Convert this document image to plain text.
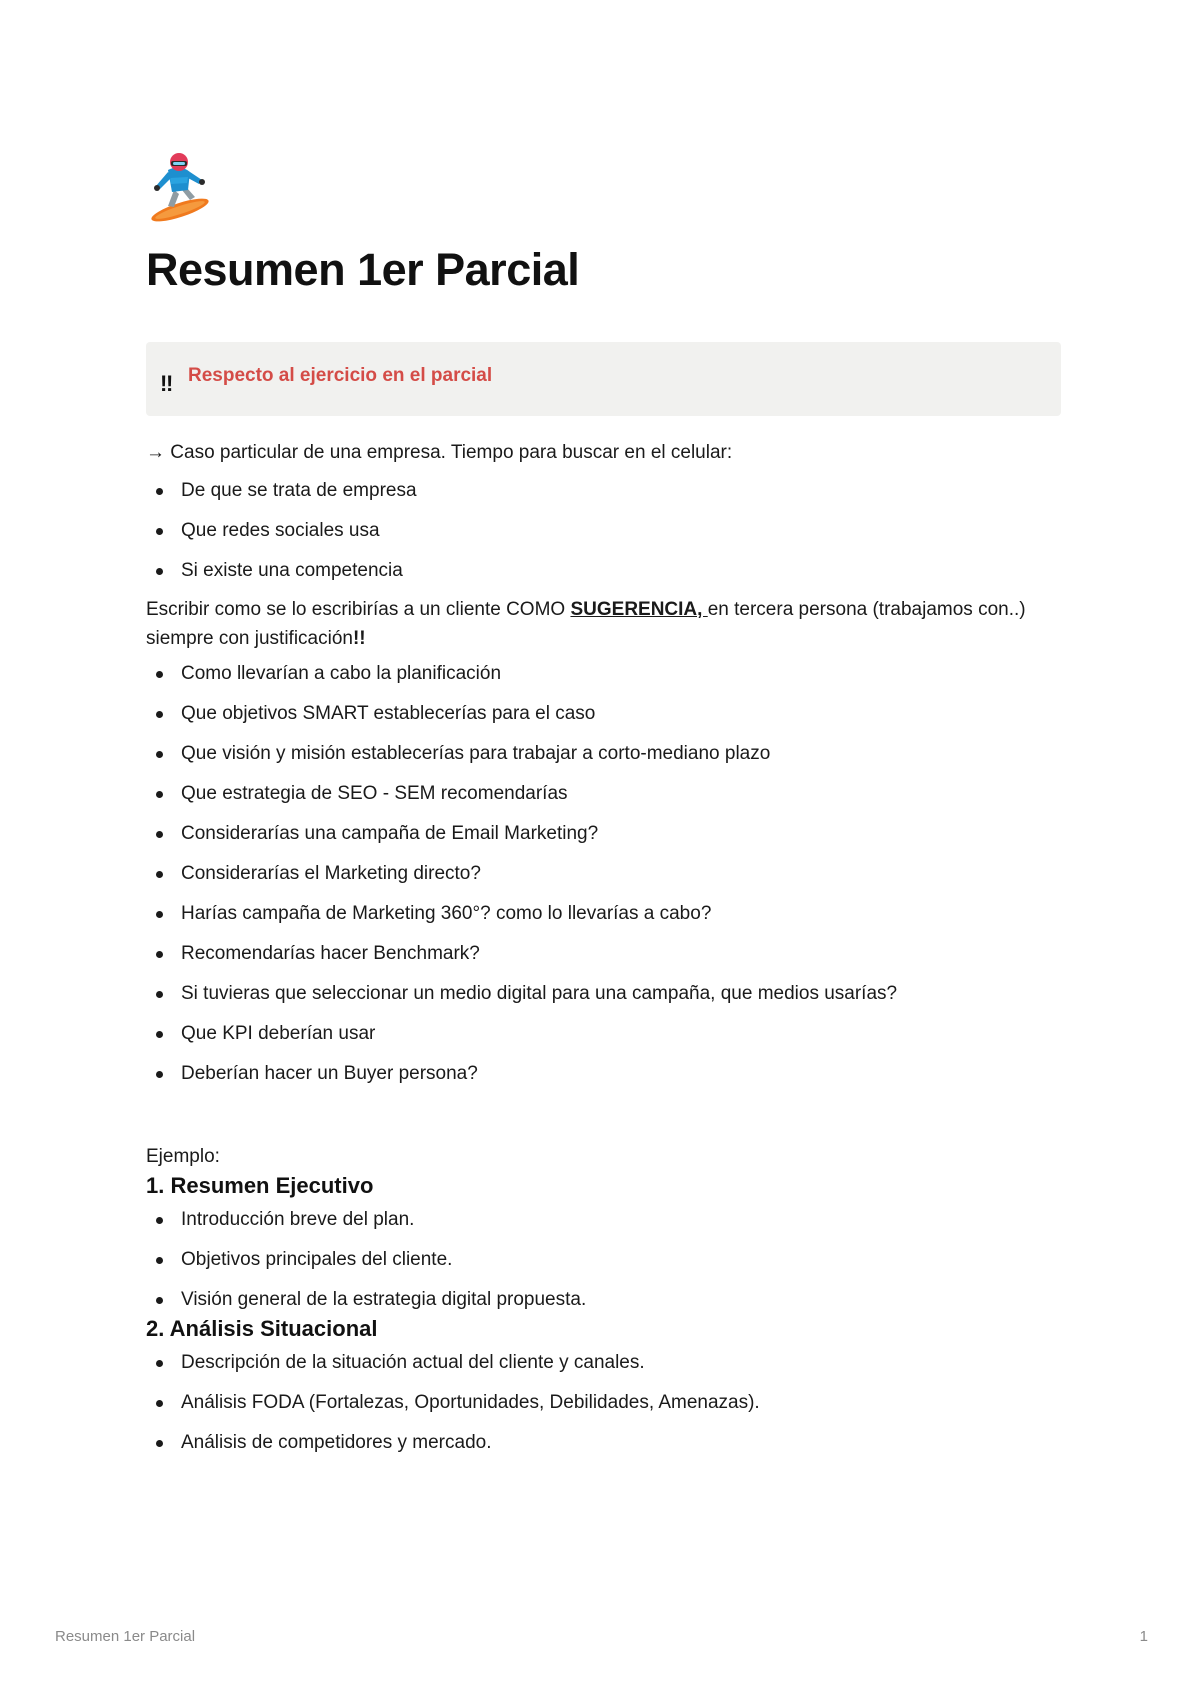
Resumen 1er Parcial
‼ Respecto al ejercicio en el parcial

→ Caso particular de una empresa. Tiempo para buscar en el celular:

De que se trata de empresa
Que redes sociales usa
Si existe una competencia

Escribir como se lo escribirías a un cliente COMO SUGERENCIA, en tercera persona (trabajamos con..) siempre con justificación!!

Como llevarían a cabo la planificación
Que objetivos SMART establecerías para el caso
Que visión y misión establecerías para trabajar a corto-mediano plazo
Que estrategia de SEO - SEM recomendarías
Considerarías una campaña de Email Marketing?
Considerarías el Marketing directo?
Harías campaña de Marketing 360°? como lo llevarías a cabo?
Recomendarías hacer Benchmark?
Si tuvieras que seleccionar un medio digital para una campaña, que medios usarías?
Que KPI deberían usar
Deberían hacer un Buyer persona?

Ejemplo:

1. Resumen Ejecutivo
Introducción breve del plan.
Objetivos principales del cliente.
Visión general de la estrategia digital propuesta.
2. Análisis Situacional
Descripción de la situación actual del cliente y canales.
Análisis FODA (Fortalezas, Oportunidades, Debilidades, Amenazas).
Análisis de competidores y mercado.
Resumen 1er Parcial	1
